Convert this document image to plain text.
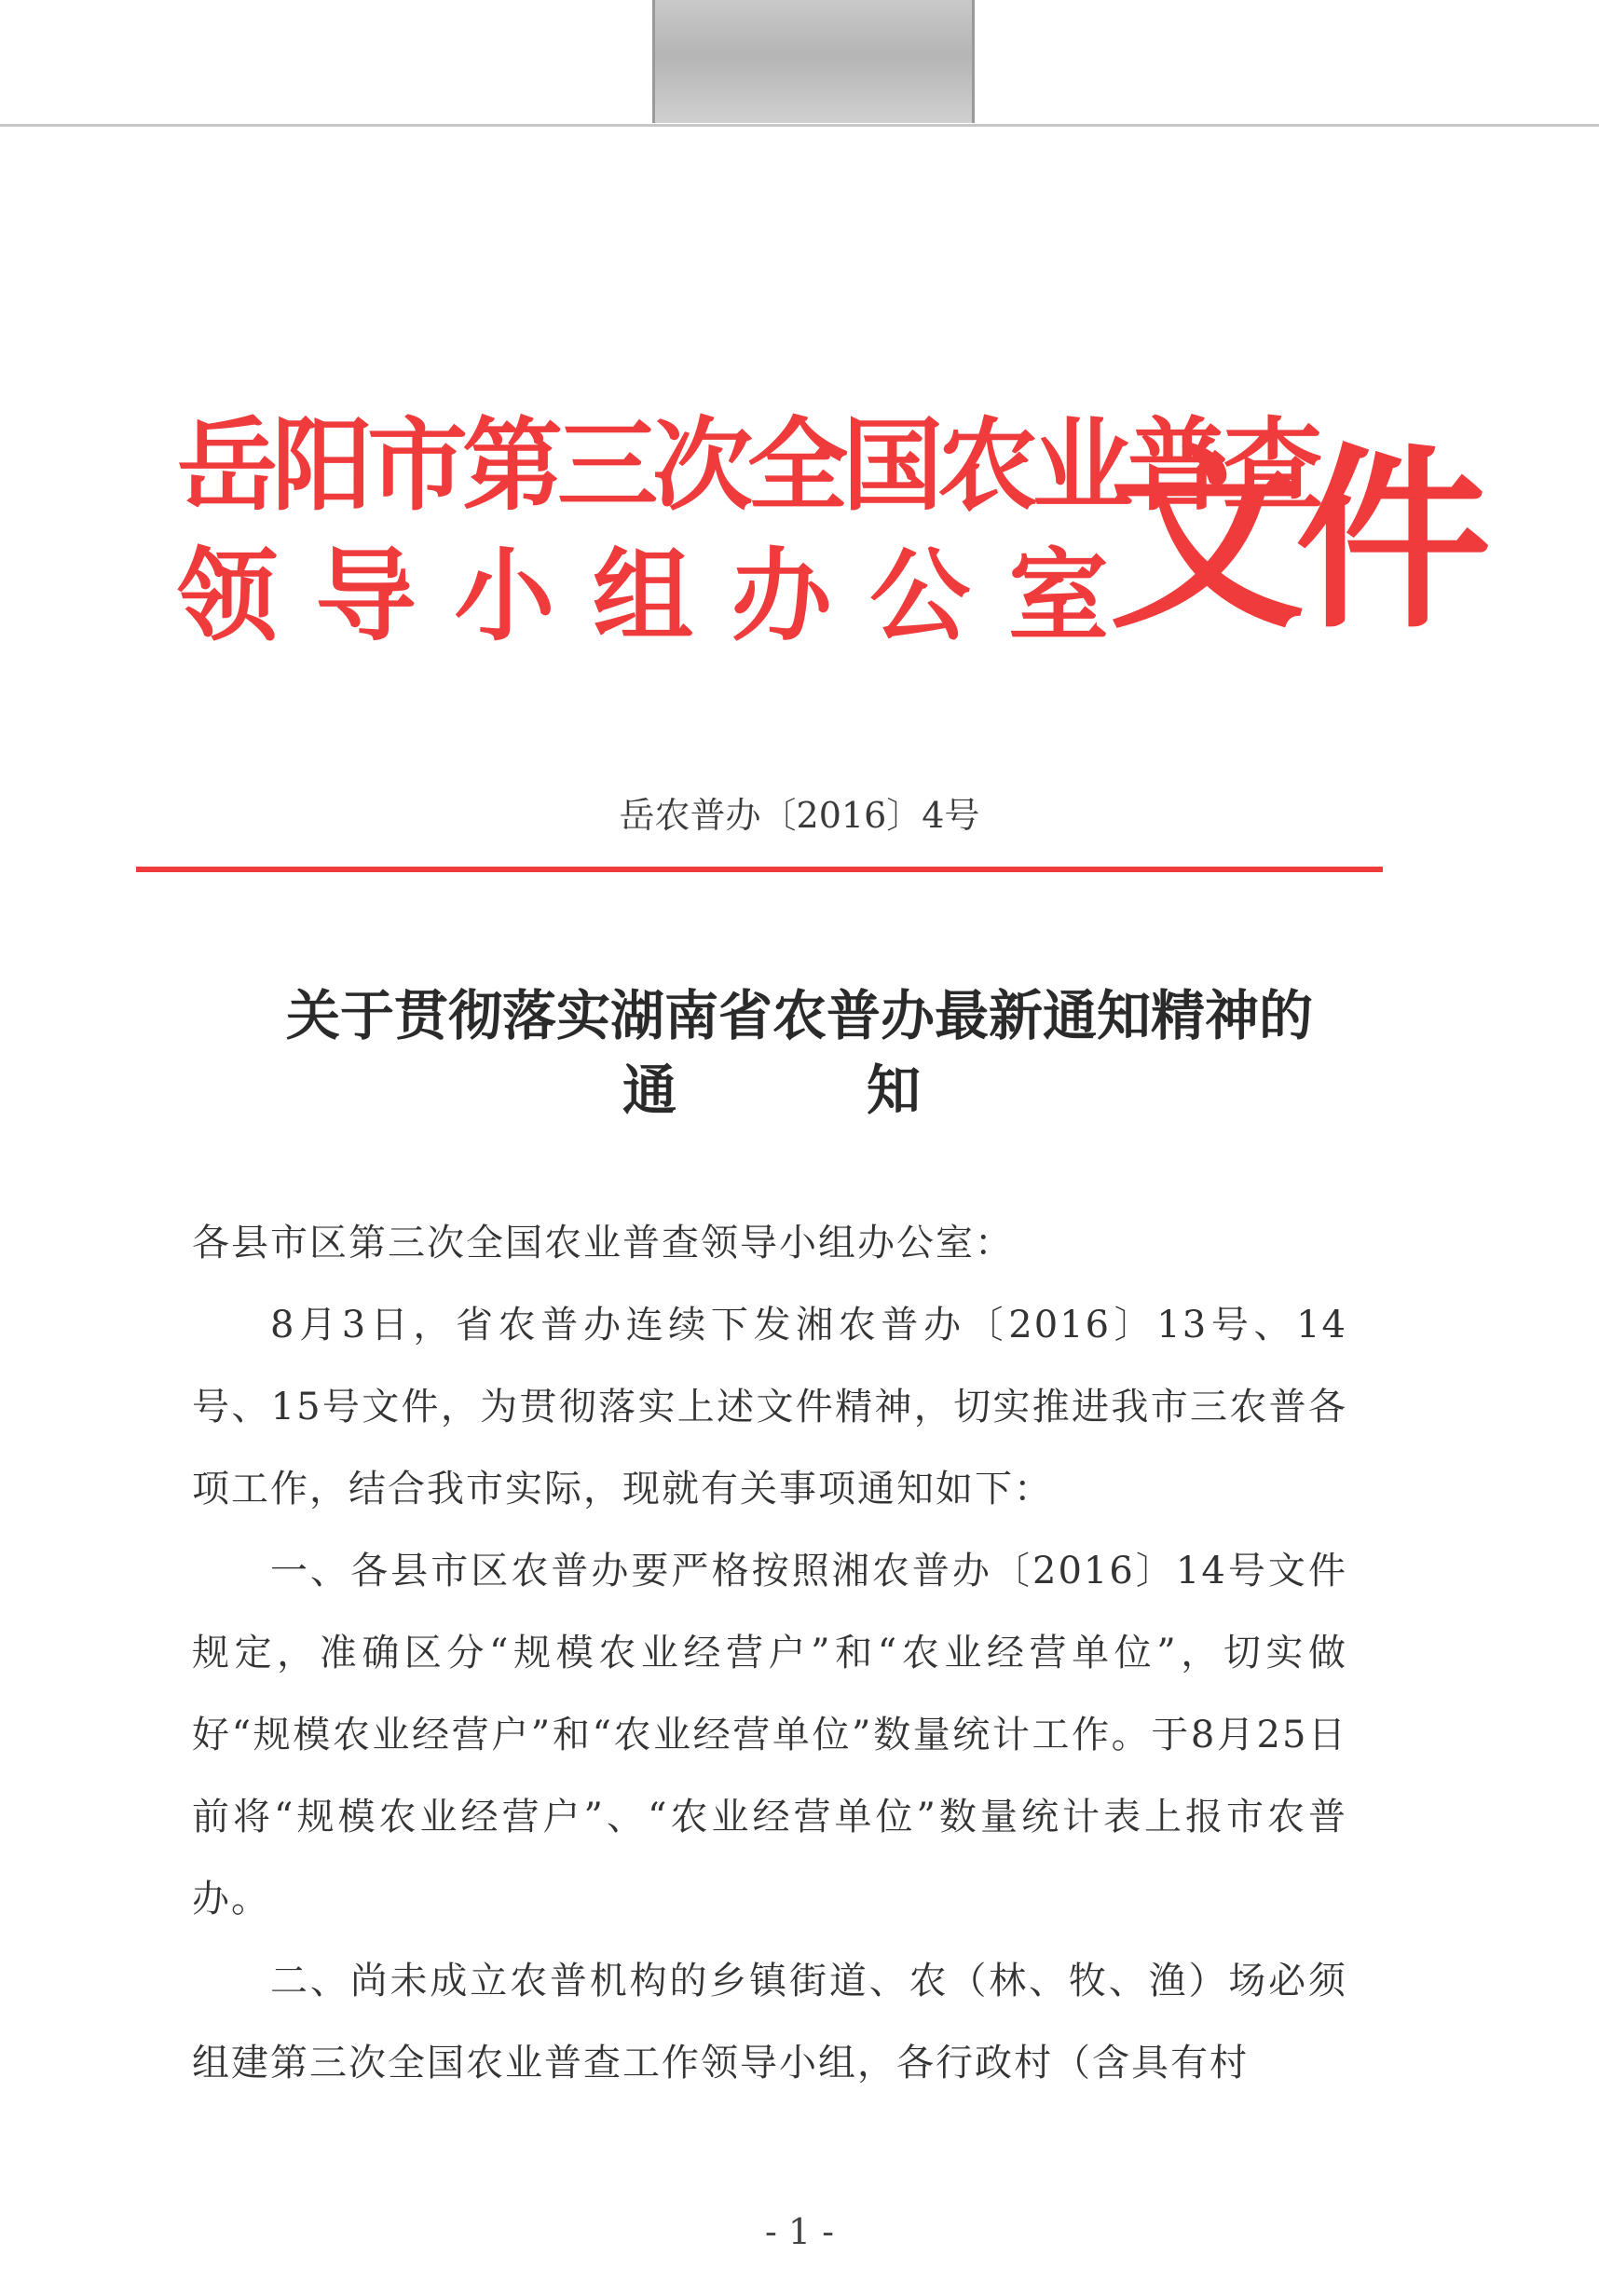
岳阳市第三次全国农业普查
领 导 小 组 办 公 室 文件
岳农普办〔2016〕4号
关于贯彻落实湖南省农普办最新通知精神的
通	知
各县市区第三次全国农业普查领导小组办公室：
8月3日，省农普办连续下发湘农普办〔2016〕13号、14号、15号文件，为贯彻落实上述文件精神，切实推进我市三农普各项工作，结合我市实际，现就有关事项通知如下：
一、各县市区农普办要严格按照湘农普办〔2016〕14号文件规定，准确区分“规模农业经营户”和“农业经营单位”，切实做好“规模农业经营户”和“农业经营单位”数量统计工作。于8月25日前将“规模农业经营户”、“农业经营单位”数量统计表上报市农普办。
二、尚未成立农普机构的乡镇街道、农（林、牧、渔）场必须组建第三次全国农业普查工作领导小组，各行政村（含具有村
- 1 -
